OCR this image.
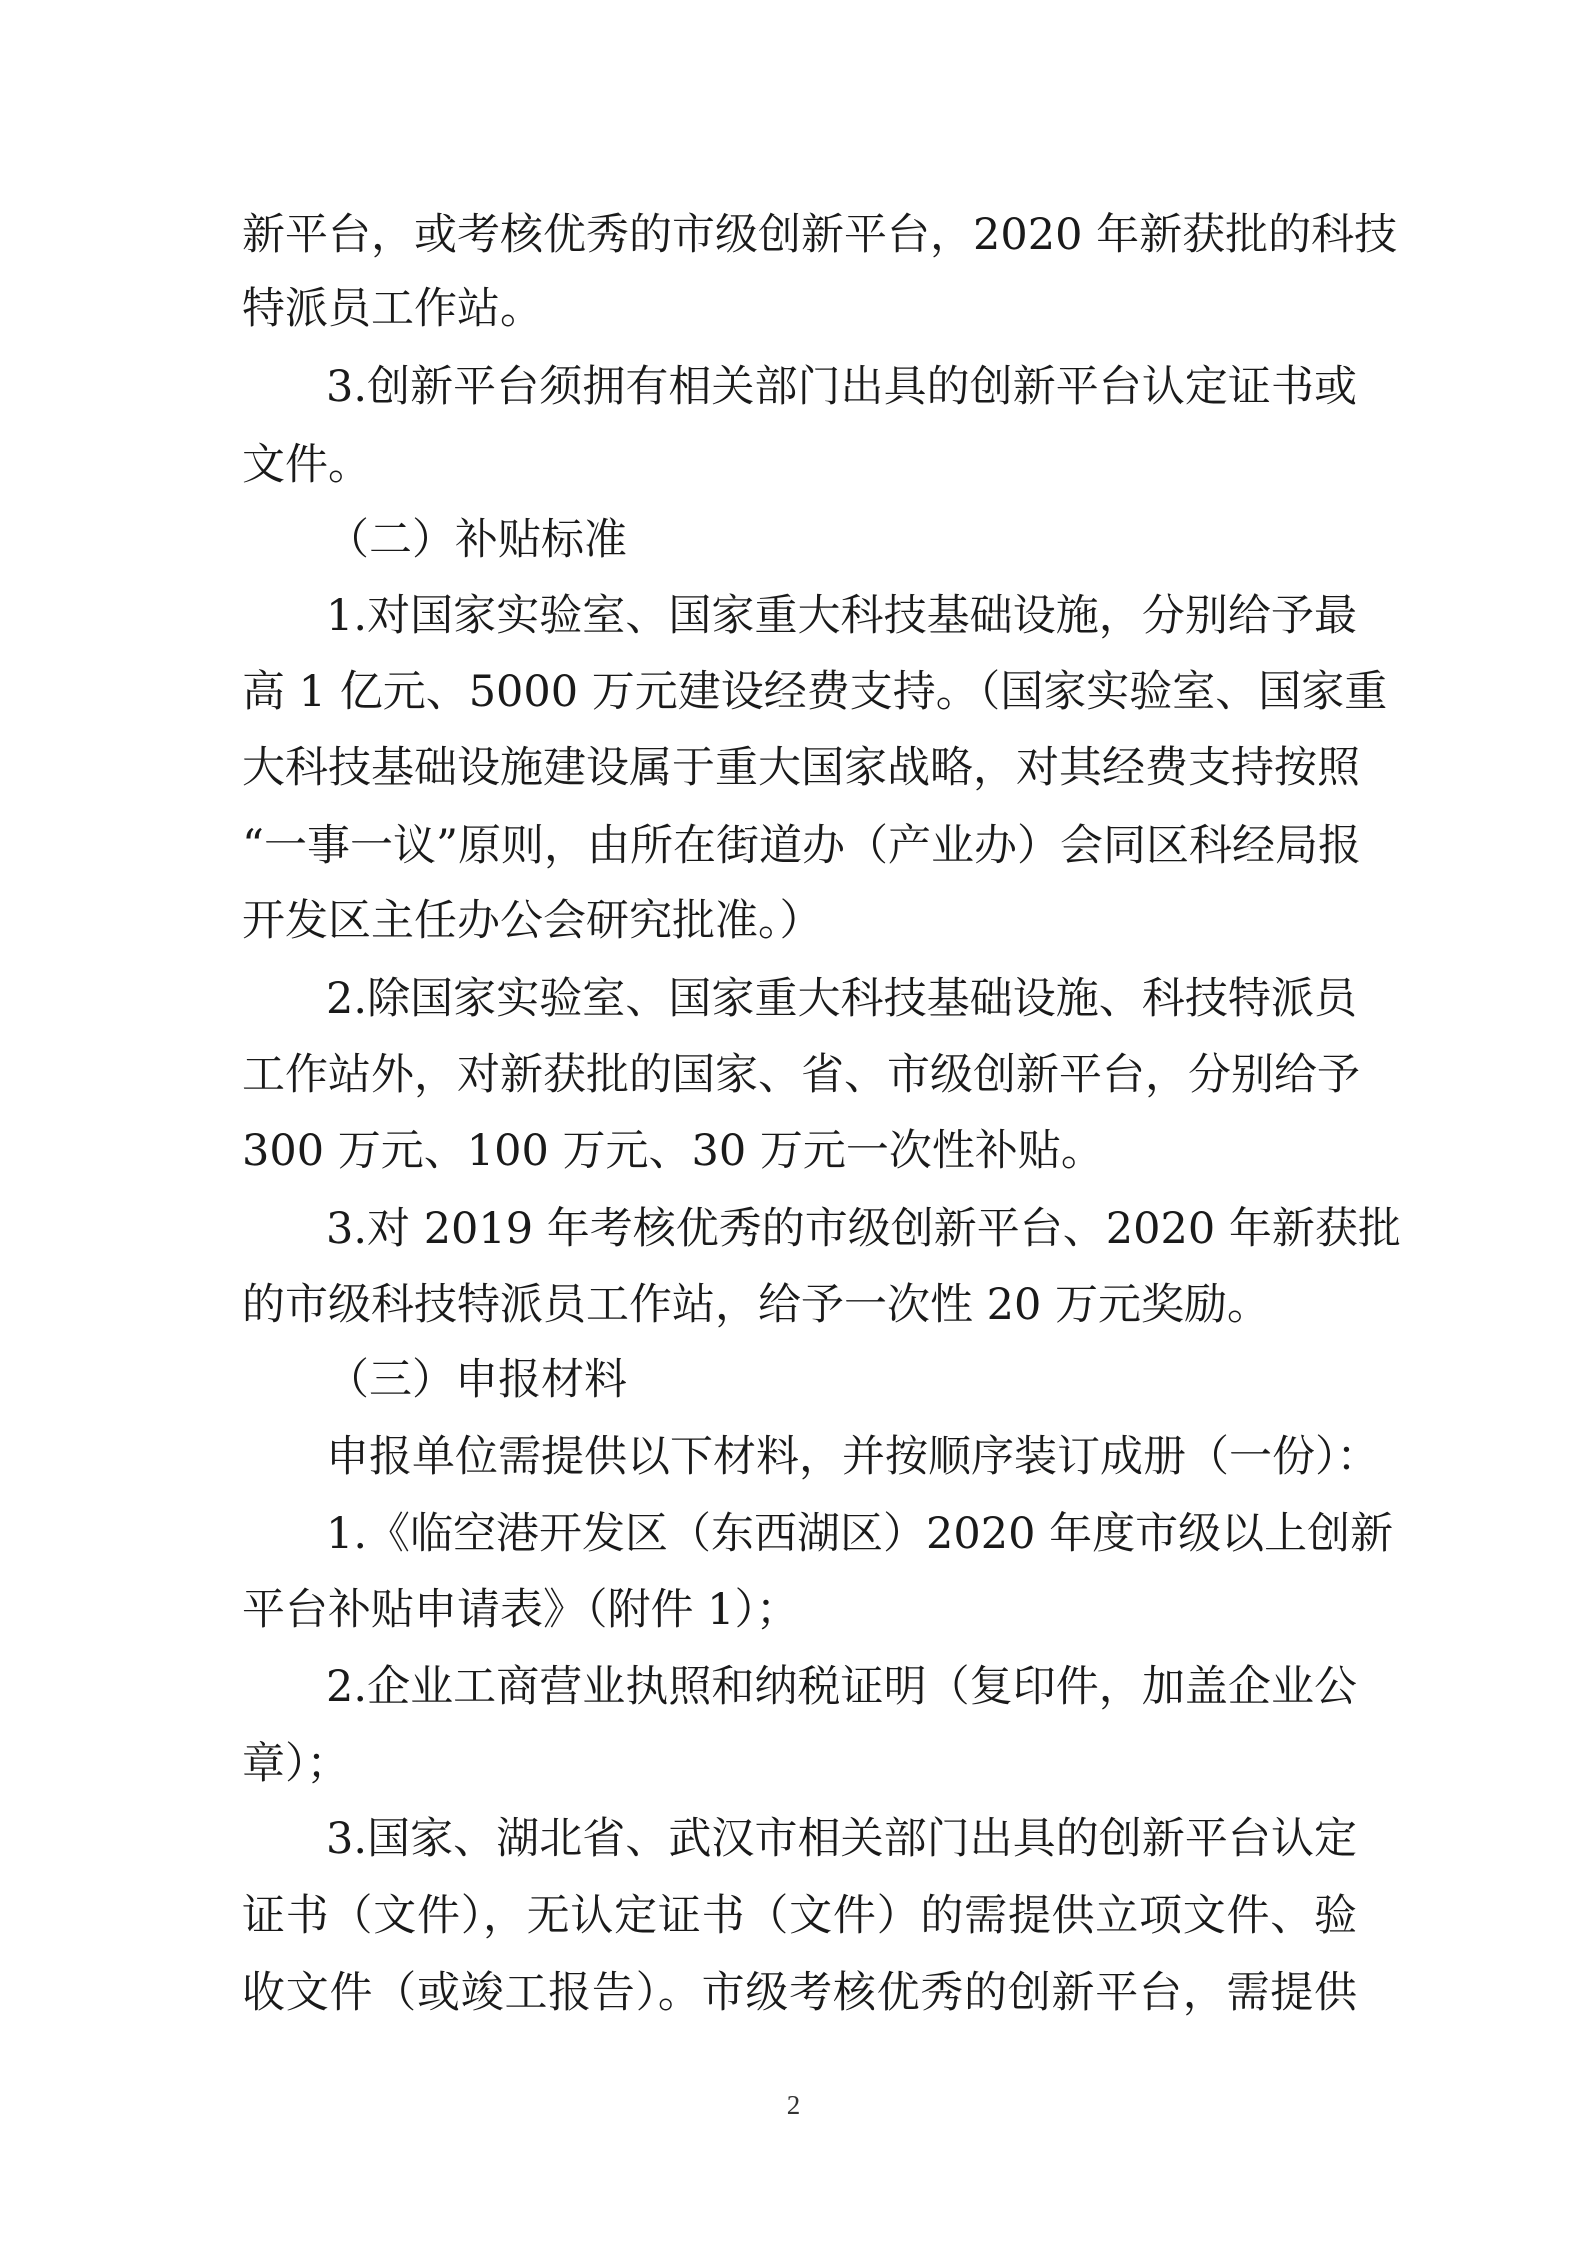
新平台，或考核优秀的市级创新平台，2020 年新获批的科技
特派员工作站。
3.创新平台须拥有相关部门出具的创新平台认定证书或
文件。
（二）补贴标准
1.对国家实验室、国家重大科技基础设施，分别给予最
高 1 亿元、5000 万元建设经费支持。（国家实验室、国家重
大科技基础设施建设属于重大国家战略，对其经费支持按照
“一事一议”原则，由所在街道办（产业办）会同区科经局报
开发区主任办公会研究批准。）
2.除国家实验室、国家重大科技基础设施、科技特派员
工作站外，对新获批的国家、省、市级创新平台，分别给予
300 万元、100 万元、30 万元一次性补贴。
3.对 2019 年考核优秀的市级创新平台、2020 年新获批
的市级科技特派员工作站，给予一次性 20 万元奖励。
（三）申报材料
申报单位需提供以下材料，并按顺序装订成册（一份）：
1.《临空港开发区（东西湖区）2020 年度市级以上创新
平台补贴申请表》（附件 1）；
2.企业工商营业执照和纳税证明（复印件，加盖企业公
章）；
3.国家、湖北省、武汉市相关部门出具的创新平台认定
证书（文件），无认定证书（文件）的需提供立项文件、验
收文件（或竣工报告）。市级考核优秀的创新平台，需提供
2
